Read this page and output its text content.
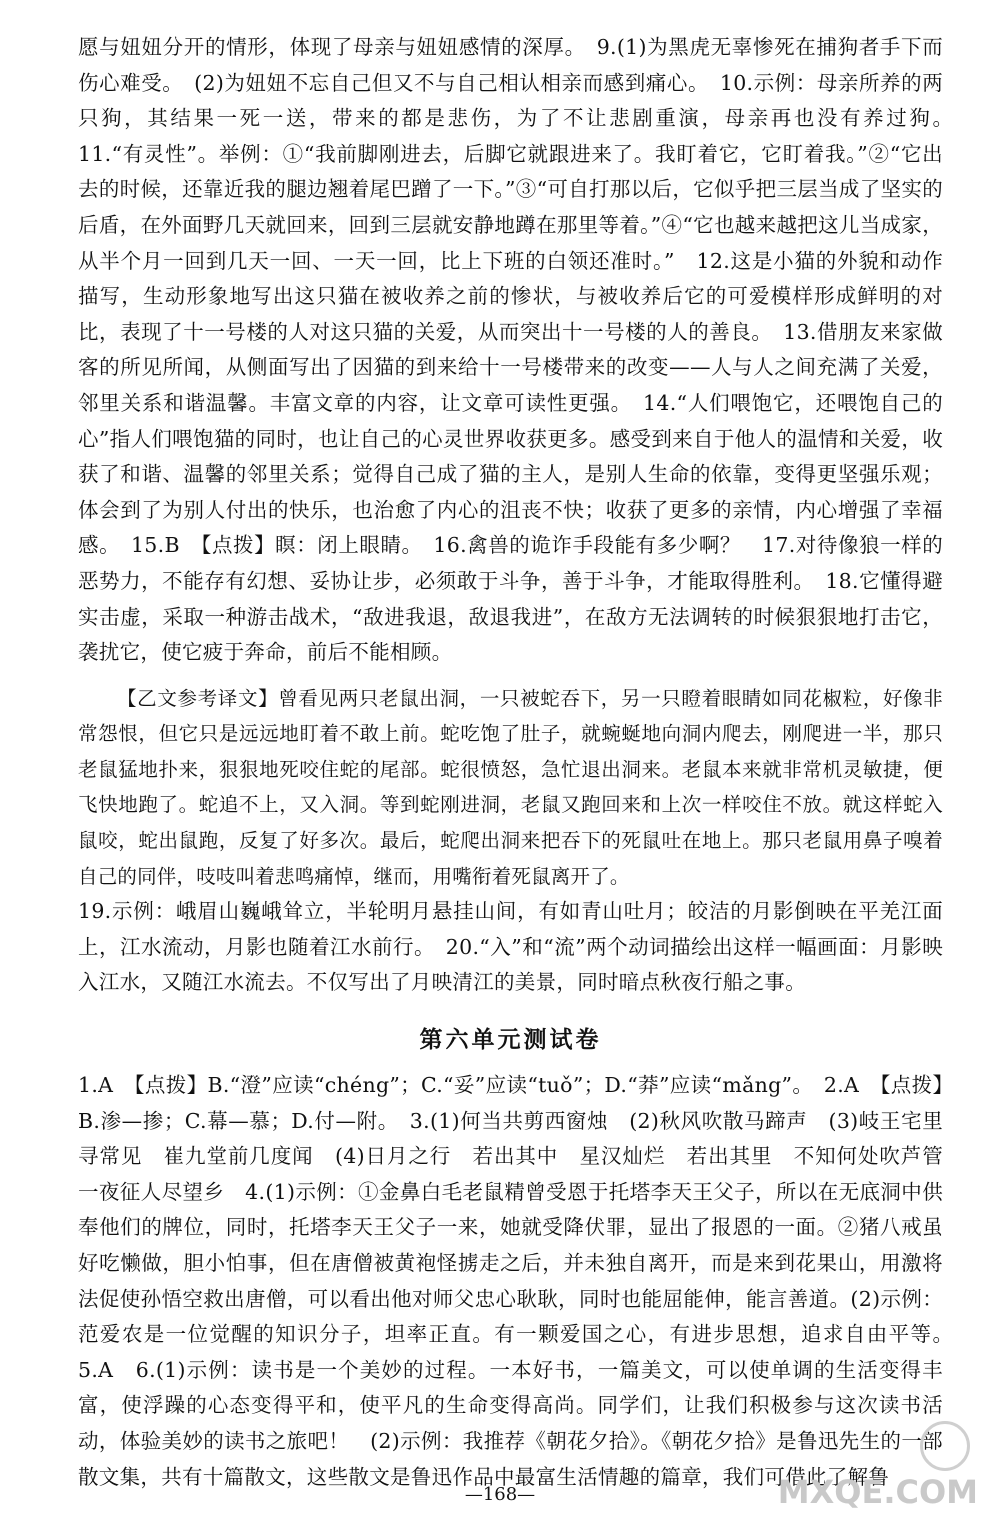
愿与妞妞分开的情形，体现了母亲与妞妞感情的深厚。　9.(1)为黑虎无辜惨死在捕狗者手下而伤心难受。　(2)为妞妞不忘自己但又不与自己相认相亲而感到痛心。　10.示例：母亲所养的两只狗，其结果一死一送，带来的都是悲伤，为了不让悲剧重演，母亲再也没有养过狗。　11.“有灵性”。举例：①“我前脚刚进去，后脚它就跟进来了。我盯着它，它盯着我。”②“它出去的时候，还靠近我的腿边翘着尾巴蹭了一下。”③“可自打那以后，它似乎把三层当成了坚实的后盾，在外面野几天就回来，回到三层就安静地蹲在那里等着。”④“它也越来越把这儿当成家，从半个月一回到几天一回、一天一回，比上下班的白领还准时。”　12.这是小猫的外貌和动作描写，生动形象地写出这只猫在被收养之前的惨状，与被收养后它的可爱模样形成鲜明的对比，表现了十一号楼的人对这只猫的关爱，从而突出十一号楼的人的善良。　13.借朋友来家做客的所见所闻，从侧面写出了因猫的到来给十一号楼带来的改变——人与人之间充满了关爱，邻里关系和谐温馨。丰富文章的内容，让文章可读性更强。　14.“人们喂饱它，还喂饱自己的心”指人们喂饱猫的同时，也让自己的心灵世界收获更多。感受到来自于他人的温情和关爱，收获了和谐、温馨的邻里关系；觉得自己成了猫的主人，是别人生命的依靠，变得更坚强乐观；体会到了为别人付出的快乐，也治愈了内心的沮丧不快；收获了更多的亲情，内心增强了幸福感。　15.B　【点拨】瞑：闭上眼睛。　16.禽兽的诡诈手段能有多少啊？　17.对待像狼一样的恶势力，不能存有幻想、妥协让步，必须敢于斗争，善于斗争，才能取得胜利。　18.它懂得避实击虚，采取一种游击战术，“敌进我退，敌退我进”，在敌方无法调转的时候狠狠地打击它，袭扰它，使它疲于奔命，前后不能相顾。
【乙文参考译文】曾看见两只老鼠出洞，一只被蛇吞下，另一只瞪着眼睛如同花椒粒，好像非常怨恨，但它只是远远地盯着不敢上前。蛇吃饱了肚子，就蜿蜒地向洞内爬去，刚爬进一半，那只老鼠猛地扑来，狠狠地死咬住蛇的尾部。蛇很愤怒，急忙退出洞来。老鼠本来就非常机灵敏捷，便飞快地跑了。蛇追不上，又入洞。等到蛇刚进洞，老鼠又跑回来和上次一样咬住不放。就这样蛇入鼠咬，蛇出鼠跑，反复了好多次。最后，蛇爬出洞来把吞下的死鼠吐在地上。那只老鼠用鼻子嗅着自己的同伴，吱吱叫着悲鸣痛悼，继而，用嘴衔着死鼠离开了。
19.示例：峨眉山巍峨耸立，半轮明月悬挂山间，有如青山吐月；皎洁的月影倒映在平羌江面上，江水流动，月影也随着江水前行。　20.“入”和“流”两个动词描绘出这样一幅画面：月影映入江水，又随江水流去。不仅写出了月映清江的美景，同时暗点秋夜行船之事。
第六单元测试卷
1.A　【点拨】B.“澄”应读“chéng”；C.“妥”应读“tuǒ”；D.“莽”应读“mǎng”。　2.A　【点拨】B.渗—掺；C.幕—慕；D.付—附。　3.(1)何当共剪西窗烛　(2)秋风吹散马蹄声　(3)岐王宅里寻常见　崔九堂前几度闻　(4)日月之行　若出其中　星汉灿烂　若出其里　不知何处吹芦管　一夜征人尽望乡　4.(1)示例：①金鼻白毛老鼠精曾受恩于托塔李天王父子，所以在无底洞中供奉他们的牌位，同时，托塔李天王父子一来，她就受降伏罪，显出了报恩的一面。②猪八戒虽好吃懒做，胆小怕事，但在唐僧被黄袍怪掳走之后，并未独自离开，而是来到花果山，用激将法促使孙悟空救出唐僧，可以看出他对师父忠心耿耿，同时也能屈能伸，能言善道。(2)示例：范爱农是一位觉醒的知识分子，坦率正直。有一颗爱国之心，有进步思想，追求自由平等。　5.A　6.(1)示例：读书是一个美妙的过程。一本好书，一篇美文，可以使单调的生活变得丰富，使浮躁的心态变得平和，使平凡的生命变得高尚。同学们，让我们积极参与这次读书活动，体验美妙的读书之旅吧！　(2)示例：我推荐《朝花夕拾》。《朝花夕拾》是鲁迅先生的一部散文集，共有十篇散文，这些散文是鲁迅作品中最富生活情趣的篇章，我们可借此了解鲁
—168—	MXQE.COM
